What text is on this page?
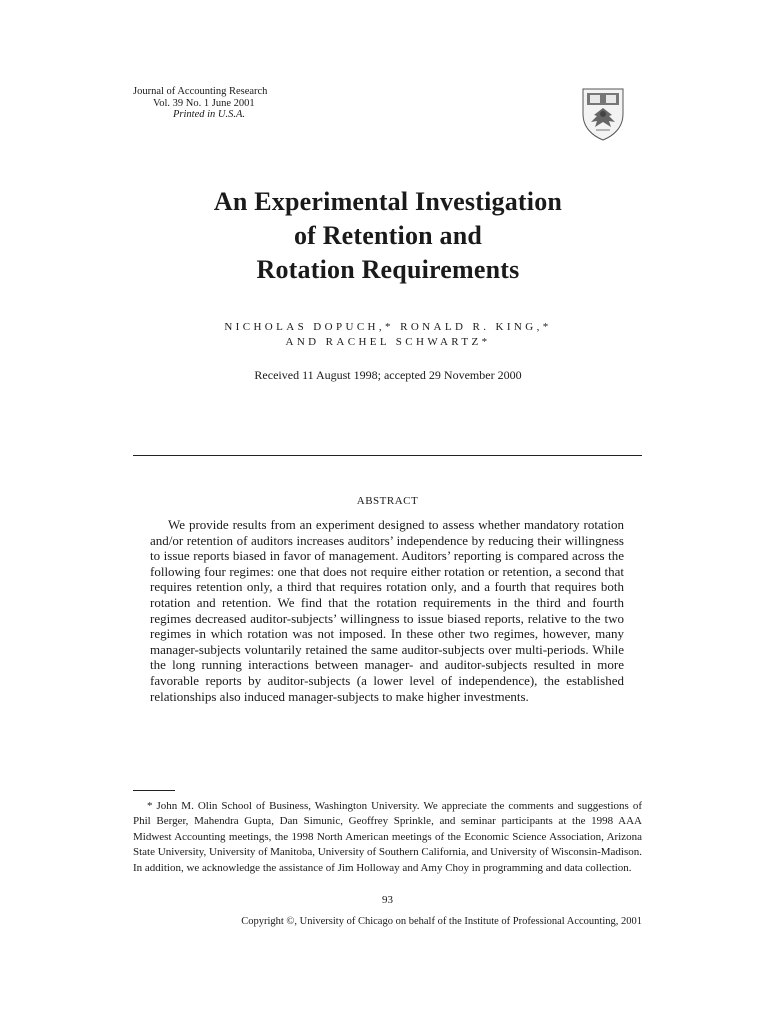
Journal of Accounting Research
Vol. 39 No. 1 June 2001
Printed in U.S.A.
An Experimental Investigation
of Retention and
Rotation Requirements
NICHOLAS DOPUCH,* RONALD R. KING,*
AND RACHEL SCHWARTZ*
Received 11 August 1998; accepted 29 November 2000
ABSTRACT
We provide results from an experiment designed to assess whether mandatory rotation and/or retention of auditors increases auditors’ independence by reducing their willingness to issue reports biased in favor of management. Auditors’ reporting is compared across the following four regimes: one that does not require either rotation or retention, a second that requires retention only, a third that requires rotation only, and a fourth that requires both rotation and retention. We find that the rotation requirements in the third and fourth regimes decreased auditor-subjects’ willingness to issue biased reports, relative to the two regimes in which rotation was not imposed. In these other two regimes, however, many manager-subjects voluntarily retained the same auditor-subjects over multi-periods. While the long running interactions between manager- and auditor-subjects resulted in more favorable reports by auditor-subjects (a lower level of independence), the established relationships also induced manager-subjects to make higher investments.
* John M. Olin School of Business, Washington University. We appreciate the comments and suggestions of Phil Berger, Mahendra Gupta, Dan Simunic, Geoffrey Sprinkle, and seminar participants at the 1998 AAA Midwest Accounting meetings, the 1998 North American meetings of the Economic Science Association, Arizona State University, University of Manitoba, University of Southern California, and University of Wisconsin-Madison. In addition, we acknowledge the assistance of Jim Holloway and Amy Choy in programming and data collection.
93
Copyright ©, University of Chicago on behalf of the Institute of Professional Accounting, 2001
